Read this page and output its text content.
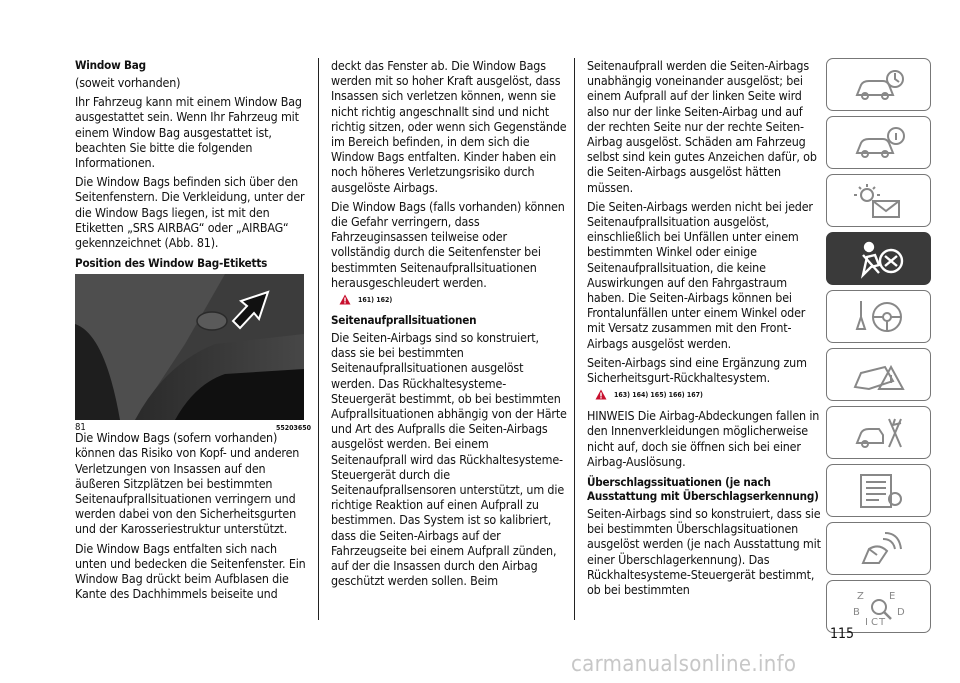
Window Bag

(soweit vorhanden)

Ihr Fahrzeug kann mit einem Window Bag ausgestattet sein. Wenn Ihr Fahrzeug mit einem Window Bag ausgestattet ist, beachten Sie bitte die folgenden Informationen.

Die Window Bags befinden sich über den Seitenfenstern. Die Verkleidung, unter der die Window Bags liegen, ist mit den Etiketten „SRS AIRBAG“ oder „AIRBAG“ gekennzeichnet (Abb. 81).

Position des Window Bag-Etiketts
81	55203650

Die Window Bags (sofern vorhanden) können das Risiko von Kopf- und anderen Verletzungen von Insassen auf den äußeren Sitzplätzen bei bestimmten Seitenaufprallsituationen verringern und werden dabei von den Sicherheitsgurten und der Karosseriestruktur unterstützt.

Die Window Bags entfalten sich nach unten und bedecken die Seitenfenster. Ein Window Bag drückt beim Aufblasen die Kante des Dachhimmels beiseite und

deckt das Fenster ab. Die Window Bags werden mit so hoher Kraft ausgelöst, dass Insassen sich verletzen können, wenn sie nicht richtig angeschnallt sind und nicht richtig sitzen, oder wenn sich Gegenstände im Bereich befinden, in dem sich die Window Bags entfalten. Kinder haben ein noch höheres Verletzungsrisiko durch ausgelöste Airbags.

Die Window Bags (falls vorhanden) können die Gefahr verringern, dass Fahrzeuginsassen teilweise oder vollständig durch die Seitenfenster bei bestimmten Seitenaufprallsituationen herausgeschleudert werden.

161) 162)
Seitenaufprallsituationen

Die Seiten-Airbags sind so konstruiert, dass sie bei bestimmten Seitenaufprallsituationen ausgelöst werden. Das Rückhaltesysteme-Steuergerät bestimmt, ob bei bestimmten Aufprallsituationen abhängig von der Härte und Art des Aufpralls die Seiten-Airbags ausgelöst werden. Bei einem Seitenaufprall wird das Rückhaltesysteme-Steuergerät durch die Seitenaufprallsensoren unterstützt, um die richtige Reaktion auf einen Aufprall zu bestimmen. Das System ist so kalibriert, dass die Seiten-Airbags auf der Fahrzeugseite bei einem Aufprall zünden, auf der die Insassen durch den Airbag geschützt werden sollen. Beim

Seitenaufprall werden die Seiten-Airbags unabhängig voneinander ausgelöst; bei einem Aufprall auf der linken Seite wird also nur der linke Seiten-Airbag und auf der rechten Seite nur der rechte Seiten-Airbag ausgelöst. Schäden am Fahrzeug selbst sind kein gutes Anzeichen dafür, ob die Seiten-Airbags ausgelöst hätten müssen.

Die Seiten-Airbags werden nicht bei jeder Seitenaufprallsituation ausgelöst, einschließlich bei Unfällen unter einem bestimmten Winkel oder einige Seitenaufprallsituation, die keine Auswirkungen auf den Fahrgastraum haben. Die Seiten-Airbags können bei Frontalunfällen unter einem Winkel oder mit Versatz zusammen mit den Front-Airbags ausgelöst werden.

Seiten-Airbags sind eine Ergänzung zum Sicherheitsgurt-Rückhaltesystem.

163) 164) 165) 166) 167)

HINWEIS Die Airbag-Abdeckungen fallen in den Innenverkleidungen möglicherweise nicht auf, doch sie öffnen sich bei einer Airbag-Auslösung.

Überschlagssituationen (je nach Ausstattung mit Überschlagserkennung)

Seiten-Airbags sind so konstruiert, dass sie bei bestimmten Überschlagsituationen ausgelöst werden (je nach Ausstattung mit einer Überschlagerkennung). Das Rückhaltesysteme-Steuergerät bestimmt, ob bei bestimmten	Z	E
B	D
I C T
115
carmanualsonline.info
